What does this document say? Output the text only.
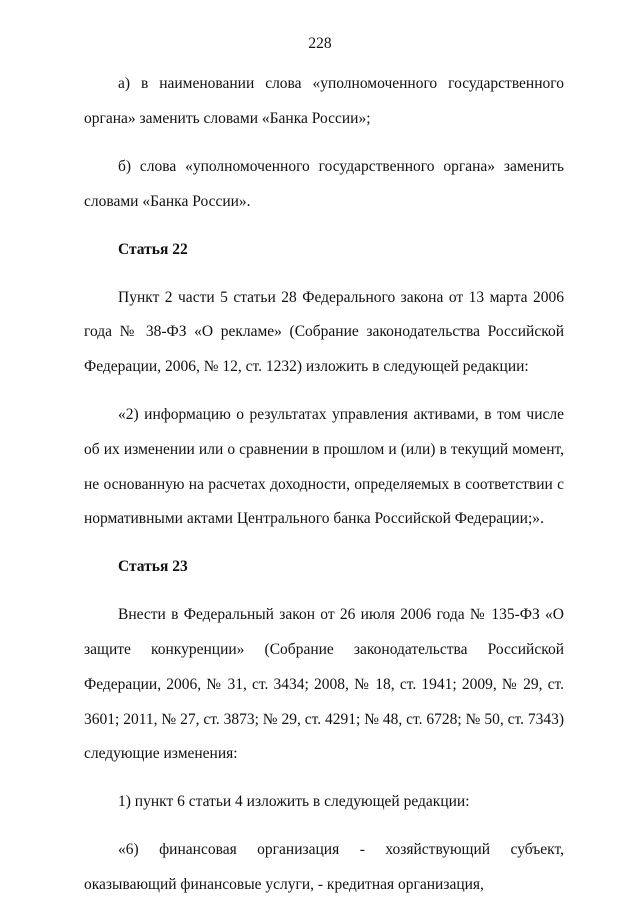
228

а) в наименовании слова «уполномоченного государственного органа» заменить словами «Банка России»;

б) слова «уполномоченного государственного органа» заменить словами «Банка России».

Статья 22

Пункт 2 части 5 статьи 28 Федерального закона от 13 марта 2006 года № 38-ФЗ «О рекламе» (Собрание законодательства Российской Федерации, 2006, № 12, ст. 1232) изложить в следующей редакции:

«2) информацию о результатах управления активами, в том числе об их изменении или о сравнении в прошлом и (или) в текущий момент, не основанную на расчетах доходности, определяемых в соответствии с нормативными актами Центрального банка Российской Федерации;».

Статья 23

Внести в Федеральный закон от 26 июля 2006 года № 135-ФЗ «О защите конкуренции» (Собрание законодательства Российской Федерации, 2006, № 31, ст. 3434; 2008, № 18, ст. 1941; 2009, № 29, ст. 3601; 2011, № 27, ст. 3873; № 29, ст. 4291; № 48, ст. 6728; № 50, ст. 7343) следующие изменения:

1) пункт 6 статьи 4 изложить в следующей редакции:

«6) финансовая организация - хозяйствующий субъект, оказывающий финансовые услуги, - кредитная организация,
